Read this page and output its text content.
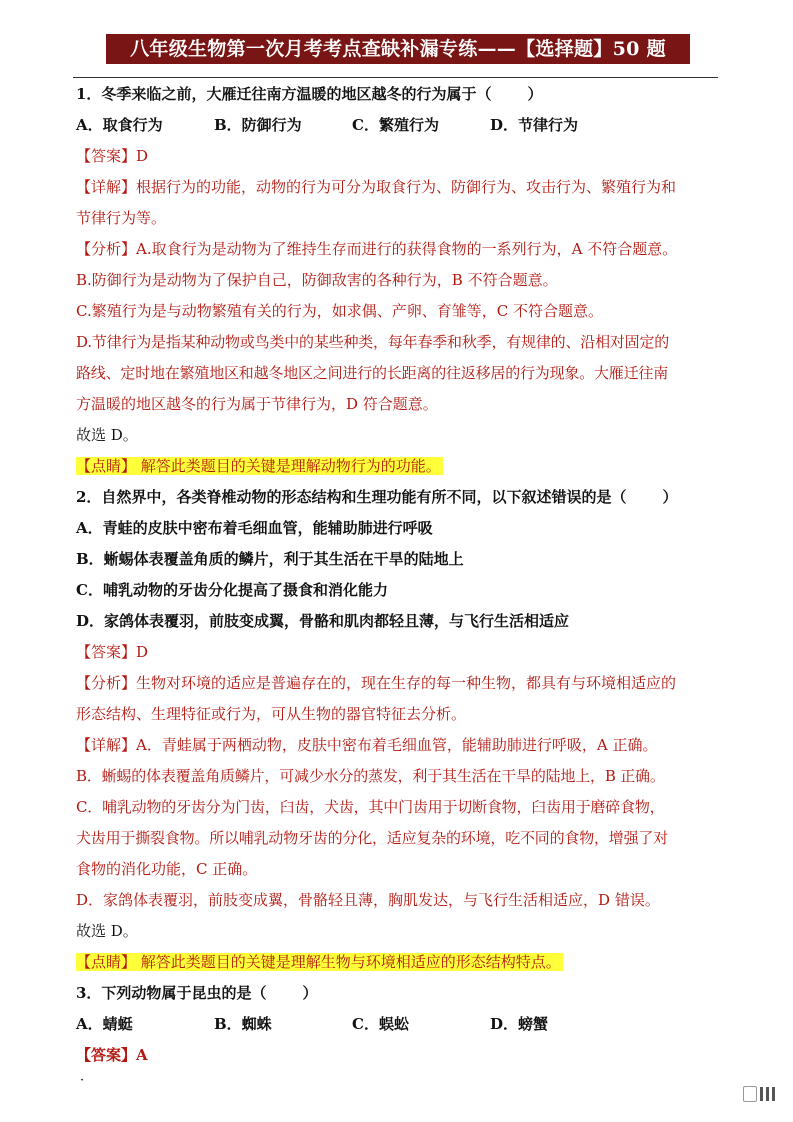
八年级生物第一次月考考点查缺补漏专练——【选择题】50 题
1．冬季来临之前，大雁迁往南方温暖的地区越冬的行为属于（ ）
A．取食行为	B．防御行为	C．繁殖行为	D．节律行为
【答案】D
【详解】根据行为的功能，动物的行为可分为取食行为、防御行为、攻击行为、繁殖行为和
节律行为等。
【分析】A.取食行为是动物为了维持生存而进行的获得食物的一系列行为，A 不符合题意。
B.防御行为是动物为了保护自己，防御敌害的各种行为，B 不符合题意。
C.繁殖行为是与动物繁殖有关的行为，如求偶、产卵、育雏等，C 不符合题意。
D.节律行为是指某种动物或鸟类中的某些种类，每年春季和秋季，有规律的、沿相对固定的
路线、定时地在繁殖地区和越冬地区之间进行的长距离的往返移居的行为现象。大雁迁往南
方温暖的地区越冬的行为属于节律行为，D 符合题意。
故选 D。
【点睛】 解答此类题目的关键是理解动物行为的功能。
2．自然界中，各类脊椎动物的形态结构和生理功能有所不同，以下叙述错误的是（ ）
A．青蛙的皮肤中密布着毛细血管，能辅助肺进行呼吸
B．蜥蜴体表覆盖角质的鳞片，利于其生活在干旱的陆地上
C．哺乳动物的牙齿分化提高了摄食和消化能力
D．家鸽体表覆羽，前肢变成翼，骨骼和肌肉都轻且薄，与飞行生活相适应
【答案】D
【分析】生物对环境的适应是普遍存在的，现在生存的每一种生物，都具有与环境相适应的
形态结构、生理特征或行为，可从生物的器官特征去分析。
【详解】A．青蛙属于两栖动物，皮肤中密布着毛细血管，能辅助肺进行呼吸，A 正确。
B．蜥蜴的体表覆盖角质鳞片，可减少水分的蒸发，利于其生活在干旱的陆地上，B 正确。
C．哺乳动物的牙齿分为门齿，臼齿，犬齿，其中门齿用于切断食物，臼齿用于磨碎食物，
犬齿用于撕裂食物。所以哺乳动物牙齿的分化，适应复杂的环境，吃不同的食物，增强了对
食物的消化功能，C 正确。
D．家鸽体表覆羽，前肢变成翼，骨骼轻且薄，胸肌发达，与飞行生活相适应，D 错误。
故选 D。
【点睛】 解答此类题目的关键是理解生物与环境相适应的形态结构特点。
3．下列动物属于昆虫的是（ ）
A．蜻蜓	B．蜘蛛	C．蜈蚣	D．螃蟹
【答案】A
·
